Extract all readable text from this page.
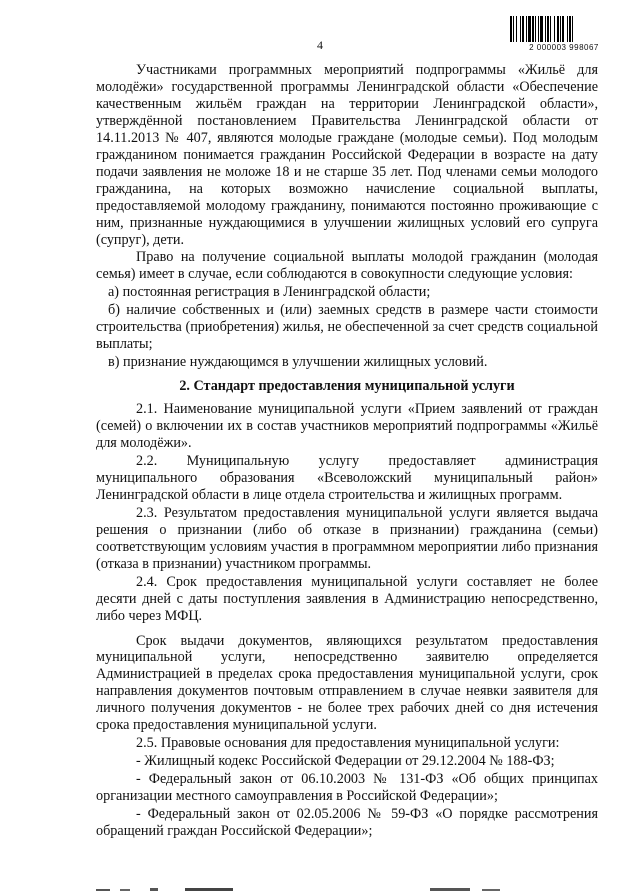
4	2 000003 998067

Участниками программных мероприятий подпрограммы «Жильё для молодёжи» государственной программы Ленинградской области «Обеспечение качественным жильём граждан на территории Ленинградской области», утверждённой постановлением Правительства Ленинградской области от 14.11.2013 № 407, являются молодые граждане (молодые семьи). Под молодым гражданином понимается гражданин Российской Федерации в возрасте на дату подачи заявления не моложе 18 и не старше 35 лет. Под членами семьи молодого гражданина, на которых возможно начисление социальной выплаты, предоставляемой молодому гражданину, понимаются постоянно проживающие с ним, признанные нуждающимися в улучшении жилищных условий его супруга (супруг), дети.

Право на получение социальной выплаты молодой гражданин (молодая семья) имеет в случае, если соблюдаются в совокупности следующие условия:

а) постоянная регистрация в Ленинградской области;

б) наличие собственных и (или) заемных средств в размере части стоимости строительства (приобретения) жилья, не обеспеченной за счет средств социальной выплаты;

в) признание нуждающимся в улучшении жилищных условий.

2. Стандарт предоставления муниципальной услуги

2.1. Наименование муниципальной услуги «Прием заявлений от граждан (семей) о включении их в состав участников мероприятий подпрограммы «Жильё для молодёжи».

2.2. Муниципальную услугу предоставляет администрация муниципального образования «Всеволожский муниципальный район» Ленинградской области в лице отдела строительства и жилищных программ.

2.3. Результатом предоставления муниципальной услуги является выдача решения о признании (либо об отказе в признании) гражданина (семьи) соответствующим условиям участия в программном мероприятии либо признания (отказа в признании) участником программы.

2.4. Срок предоставления муниципальной услуги составляет не более десяти дней с даты поступления заявления в Администрацию непосредственно, либо через МФЦ.

Срок выдачи документов, являющихся результатом предоставления муниципальной услуги, непосредственно заявителю определяется Администрацией в пределах срока предоставления муниципальной услуги, срок направления документов почтовым отправлением в случае неявки заявителя для личного получения документов - не более трех рабочих дней со дня истечения срока предоставления муниципальной услуги.

2.5. Правовые основания для предоставления муниципальной услуги:

- Жилищный кодекс Российской Федерации от 29.12.2004 № 188-ФЗ;

- Федеральный закон от 06.10.2003 № 131-ФЗ «Об общих принципах организации местного самоуправления в Российской Федерации»;

- Федеральный закон от 02.05.2006 № 59-ФЗ «О порядке рассмотрения обращений граждан Российской Федерации»;
